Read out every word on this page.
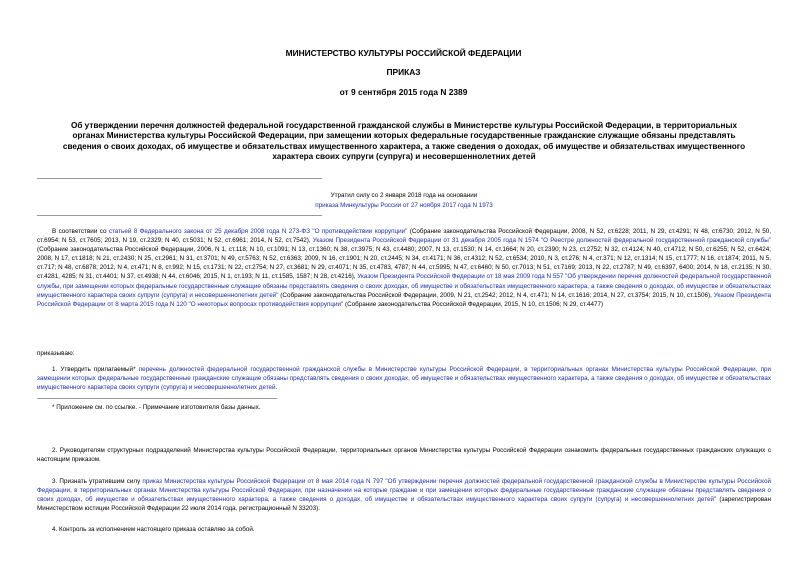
МИНИСТЕРСТВО КУЛЬТУРЫ РОССИЙСКОЙ ФЕДЕРАЦИИ
ПРИКАЗ
от 9 сентября 2015 года N 2389
Об утверждении перечня должностей федеральной государственной гражданской службы в Министерстве культуры Российской Федерации, в территориальных органах Министерства культуры Российской Федерации, при замещении которых федеральные государственные гражданские служащие обязаны представлять сведения о своих доходах, об имуществе и обязательствах имущественного характера, а также сведения о доходах, об имуществе и обязательствах имущественного характера своих супруги (супруга) и несовершеннолетних детей
Утратил силу со 2 января 2018 года на основании
приказа Минкультуры России от 27 ноября 2017 года N 1973
В соответствии со статьей 8 Федерального закона от 25 декабря 2008 года N 273-ФЗ "О противодействии коррупции" (Собрание законодательства Российской Федерации, 2008, N 52, ст.6228; 2011, N 29, ст.4291; N 48, ст.6730; 2012, N 50, ст.6954; N 53, ст.7605; 2013, N 19, ст.2329; N 40, ст.5031; N 52, ст.6961; 2014, N 52, ст.7542), Указом Президента Российской Федерации от 31 декабря 2005 года N 1574 "О Реестре должностей федеральной государственной гражданской службы" (Собрание законодательства Российской Федерации, 2006, N 1, ст.118; N 10, ст.1091; N 13, ст.1360; N 38, ст.3975; N 43, ст.4480; 2007, N 13, ст.1530; N 14, ст.1664; N 20, ст.2390; N 23, ст.2752; N 32, ст.4124; N 40, ст.4712; N 50, ст.6255; N 52, ст.6424; 2008, N 17, ст.1818; N 21, ст.2430; N 25, ст.2961; N 31, ст.3701; N 49, ст.5763; N 52, ст.6363; 2009, N 16, ст.1901; N 20, ст.2445; N 34, ст.4171; N 36, ст.4312; N 52, ст.6534; 2010, N 3, ст.276; N 4, ст.371; N 12, ст.1314; N 15, ст.1777; N 16, ст.1874; 2011, N 5, ст.717; N 48, ст.6878; 2012, N 4, ст.471; N 8, ст.992; N 15, ст.1731; N 22, ст.2754; N 27, ст.3681; N 29, ст.4071; N 35, ст.4783, 4787; N 44, ст.5995; N 47, ст.6460; N 50, ст.7013; N 51, ст.7169; 2013, N 22, ст.2787; N 49, ст.6397, 6400; 2014, N 18, ст.2135; N 30, ст.4281, 4285; N 31, ст.4401; N 37, ст.4938; N 44, ст.6046; 2015, N 1, ст.193; N 11, ст.1585, 1587; N 28, ст.4216), Указом Президента Российской Федерации от 18 мая 2009 года N 557 "Об утверждении перечня должностей федеральной государственной службы, при замещении которых федеральные государственные служащие обязаны представлять сведения о своих доходах, об имуществе и обязательствах имущественного характера, а также сведения о доходах, об имуществе и обязательствах имущественного характера своих супруги (супруга) и несовершеннолетних детей" (Собрание законодательства Российской Федерации, 2009, N 21, ст.2542; 2012, N 4, ст.471; N 14, ст.1616; 2014, N 27, ст.3754; 2015, N 10, ст.1506), Указом Президента Российской Федерации от 8 марта 2015 года N 120 "О некоторых вопросах противодействия коррупции" (Собрание законодательства Российской Федерации, 2015, N 10, ст.1506; N 29, ст.4477)
приказываю:
1. Утвердить прилагаемый* перечень должностей федеральной государственной гражданской службы в Министерстве культуры Российской Федерации, в территориальных органах Министерства культуры Российской Федерации, при замещении которых федеральные государственные гражданские служащие обязаны представлять сведения о своих доходах, об имуществе и обязательствах имущественного характера, а также сведения о доходах, об имуществе и обязательствах имущественного характера своих супруги (супруга) и несовершеннолетних детей.
* Приложение см. по ссылке. - Примечание изготовителя базы данных.
2. Руководителям структурных подразделений Министерства культуры Российской Федерации, территориальных органов Министерства культуры Российской Федерации ознакомить федеральных государственных гражданских служащих с настоящим приказом.
3. Признать утратившим силу приказ Министерства культуры Российской Федерации от 8 мая 2014 года N 797 "Об утверждении перечня должностей федеральной государственной гражданской службы в Министерстве культуры Российской Федерации, в территориальных органах Министерства культуры Российской Федерации, при назначении на которые граждане и при замещении которых федеральные государственные гражданские служащие обязаны представлять сведения о своих доходах, об имуществе и обязательствах имущественного характера, а также сведения о доходах, об имуществе и обязательствах имущественного характера своих супруги (супруга) и несовершеннолетних детей" (зарегистрирован Министерством юстиции Российской Федерации 22 июля 2014 года, регистрационный N 33203).
4. Контроль за исполнением настоящего приказа оставляю за собой.
